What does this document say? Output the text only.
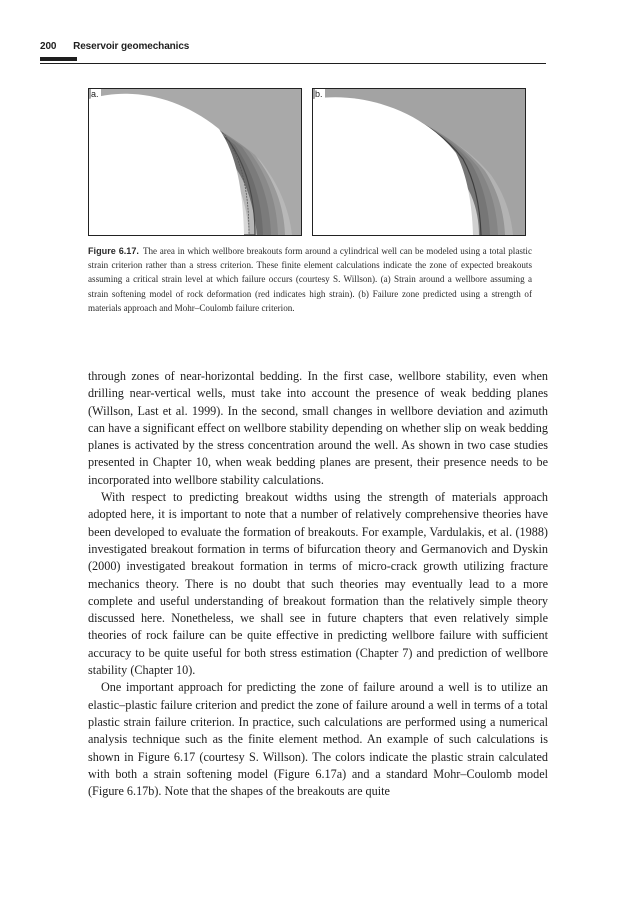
200 Reservoir geomechanics
a.	b.
Figure 6.17. The area in which wellbore breakouts form around a cylindrical well can be modeled using a total plastic strain criterion rather than a stress criterion. These finite element calculations indicate the zone of expected breakouts assuming a critical strain level at which failure occurs (courtesy S. Willson). (a) Strain around a wellbore assuming a strain softening model of rock deformation (red indicates high strain). (b) Failure zone predicted using a strength of materials approach and Mohr–Coulomb failure criterion.

through zones of near-horizontal bedding. In the first case, wellbore stability, even when drilling near-vertical wells, must take into account the presence of weak bedding planes (Willson, Last et al. 1999). In the second, small changes in wellbore deviation and azimuth can have a significant effect on wellbore stability depending on whether slip on weak bedding planes is activated by the stress concentration around the well. As shown in two case studies presented in Chapter 10, when weak bedding planes are present, their presence needs to be incorporated into wellbore stability calculations.

With respect to predicting breakout widths using the strength of materials approach adopted here, it is important to note that a number of relatively comprehensive theories have been developed to evaluate the formation of breakouts. For example, Vardulakis, et al. (1988) investigated breakout formation in terms of bifurcation theory and Germanovich and Dyskin (2000) investigated breakout formation in terms of micro-crack growth utilizing fracture mechanics theory. There is no doubt that such theories may eventually lead to a more complete and useful understanding of breakout formation than the relatively simple theory discussed here. Nonetheless, we shall see in future chapters that even relatively simple theories of rock failure can be quite effective in predicting wellbore failure with sufficient accuracy to be quite useful for both stress estimation (Chapter 7) and prediction of wellbore stability (Chapter 10).

One important approach for predicting the zone of failure around a well is to utilize an elastic–plastic failure criterion and predict the zone of failure around a well in terms of a total plastic strain failure criterion. In practice, such calculations are performed using a numerical analysis technique such as the finite element method. An example of such calculations is shown in Figure 6.17 (courtesy S. Willson). The colors indicate the plastic strain calculated with both a strain softening model (Figure 6.17a) and a standard Mohr–Coulomb model (Figure 6.17b). Note that the shapes of the breakouts are quite
